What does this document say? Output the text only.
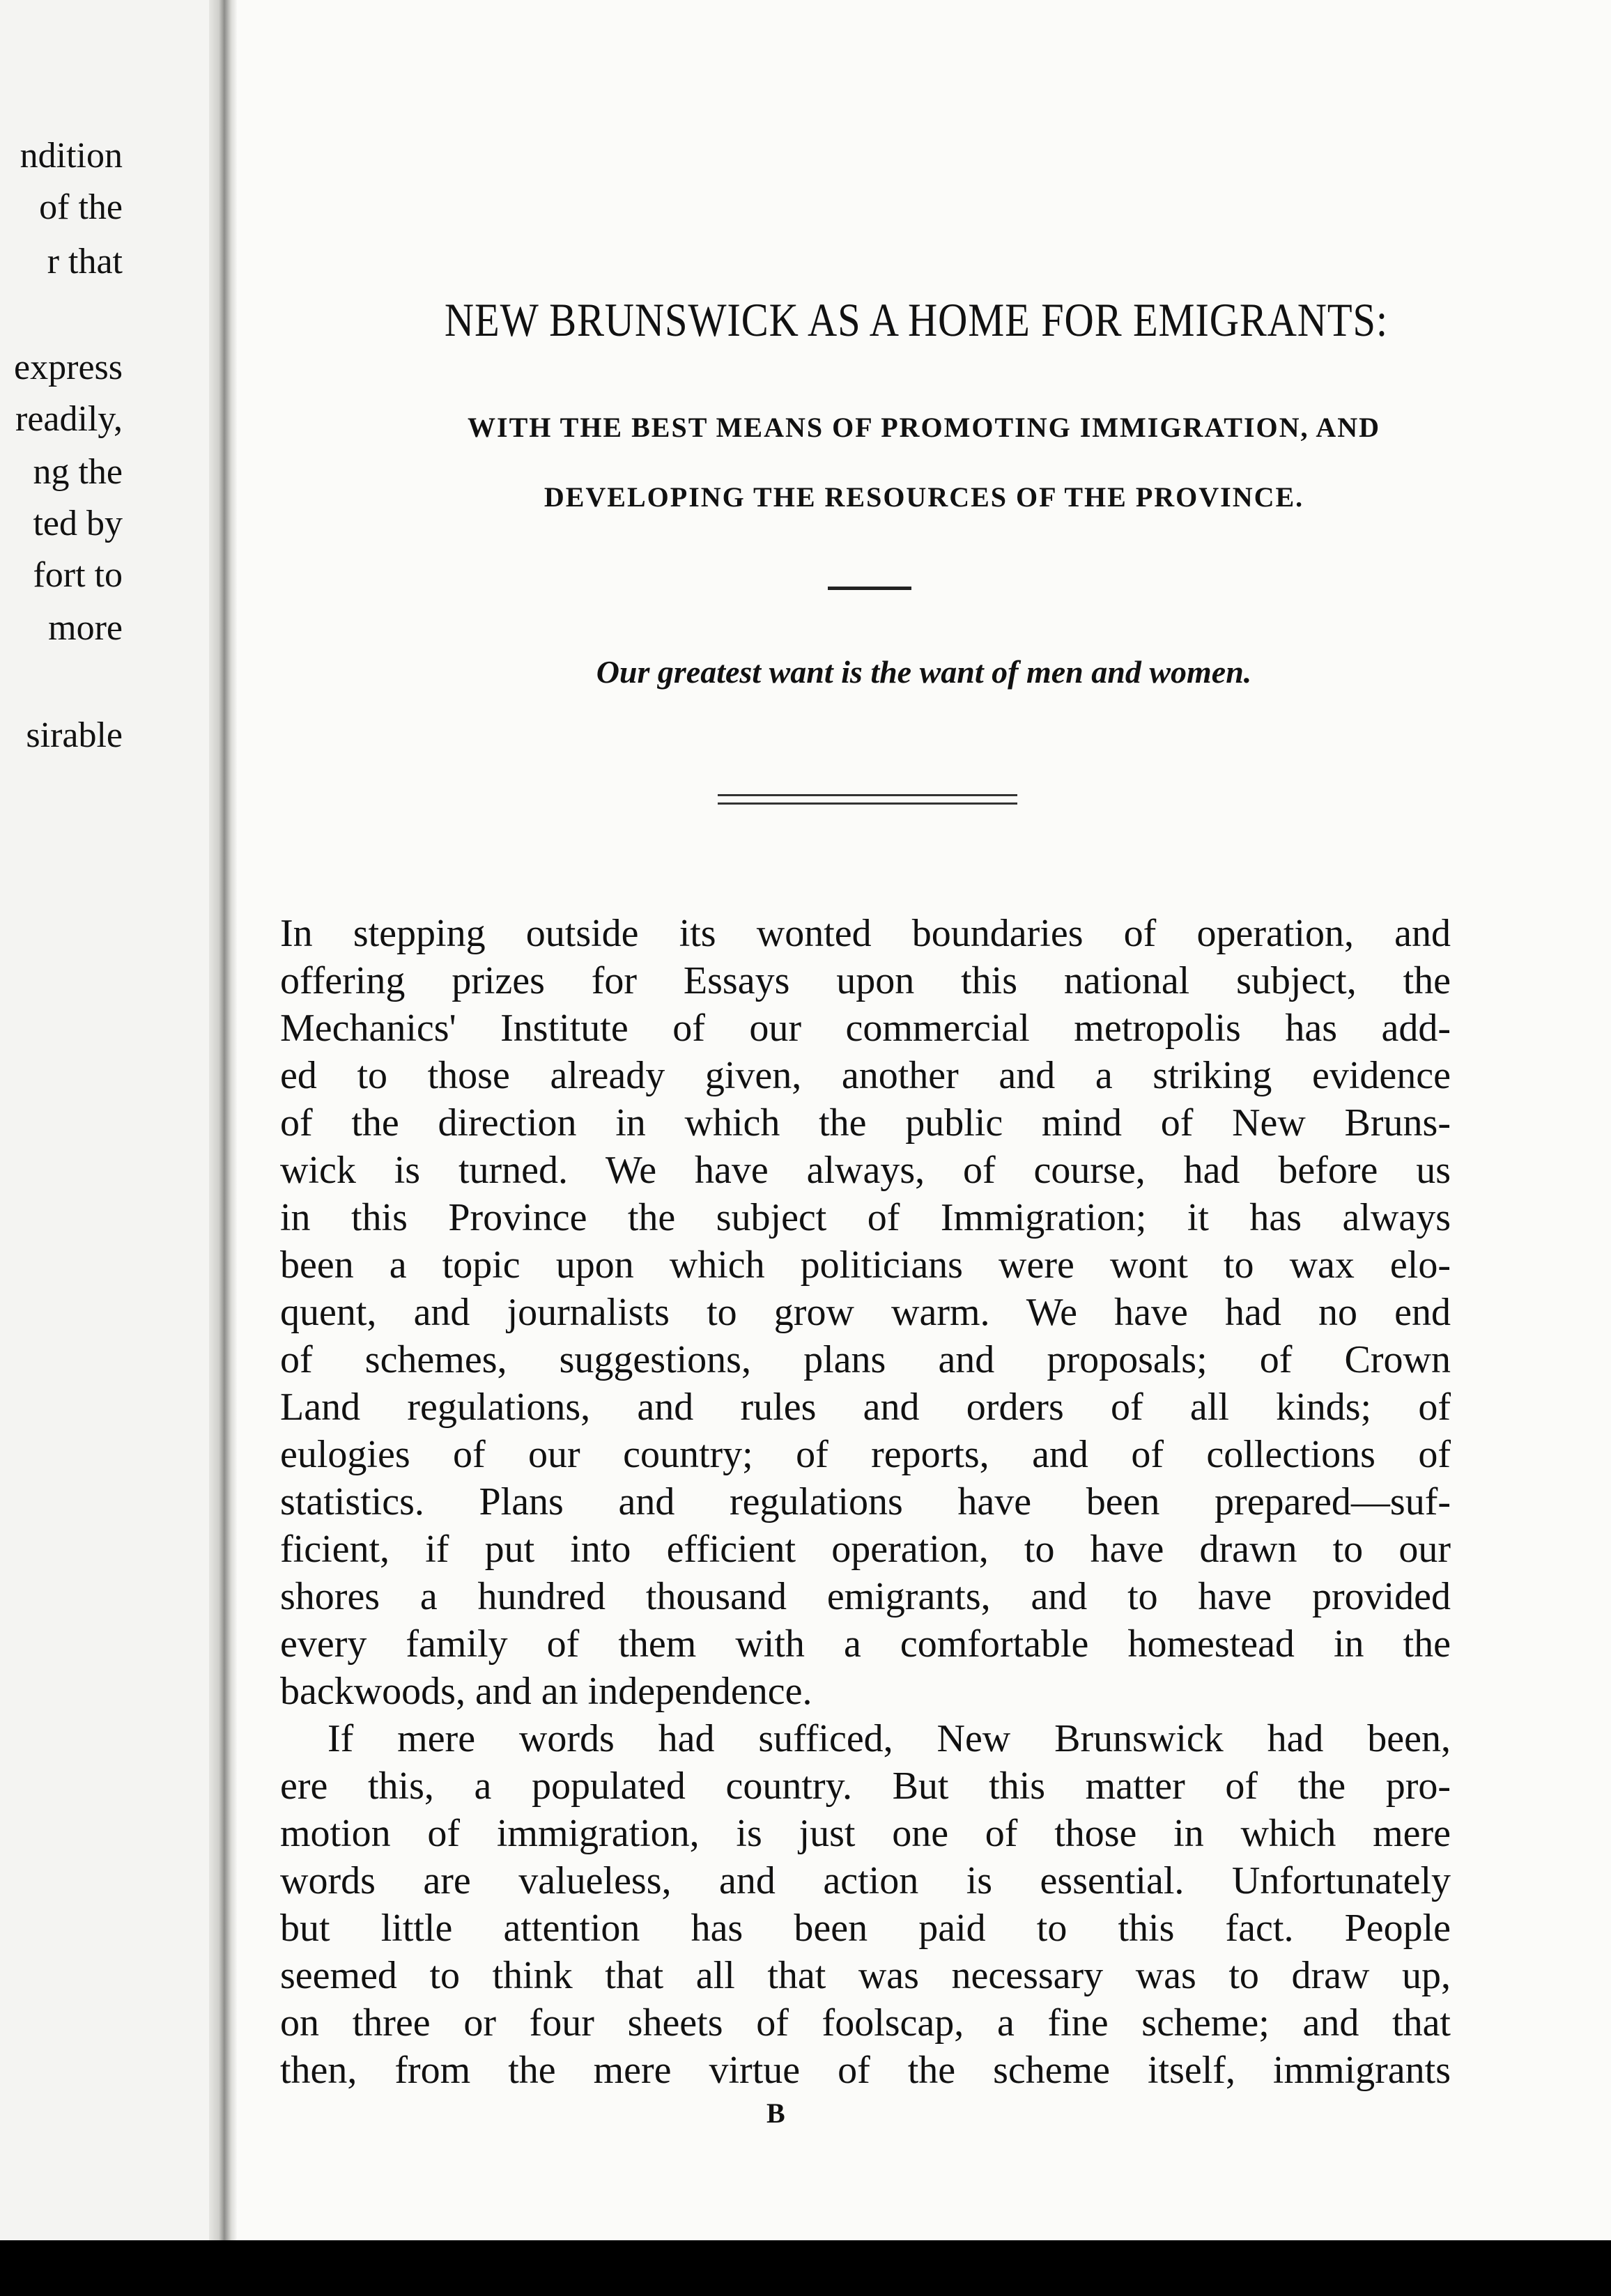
ndition
of the
r that
express
readily,
ng the
ted by
fort to
more
sirable
NEW BRUNSWICK AS A HOME FOR EMIGRANTS:
WITH THE BEST MEANS OF PROMOTING IMMIGRATION, AND
DEVELOPING THE RESOURCES OF THE PROVINCE.
Our greatest want is the want of men and women.

In stepping outside its wonted boundaries of operation, and
offering prizes for Essays upon this national subject, the
Mechanics' Institute of our commercial metropolis has add-
ed to those already given, another and a striking evidence
of the direction in which the public mind of New Bruns-
wick is turned. We have always, of course, had before us
in this Province the subject of Immigration; it has always
been a topic upon which politicians were wont to wax elo-
quent, and journalists to grow warm. We have had no end
of schemes, suggestions, plans and proposals; of Crown
Land regulations, and rules and orders of all kinds; of
eulogies of our country; of reports, and of collections of
statistics. Plans and regulations have been prepared—suf-
ficient, if put into efficient operation, to have drawn to our
shores a hundred thousand emigrants, and to have provided
every family of them with a comfortable homestead in the
backwoods, and an independence.

If mere words had sufficed, New Brunswick had been,
ere this, a populated country. But this matter of the pro-
motion of immigration, is just one of those in which mere
words are valueless, and action is essential. Unfortunately
but little attention has been paid to this fact. People
seemed to think that all that was necessary was to draw up,
on three or four sheets of foolscap, a fine scheme; and that
then, from the mere virtue of the scheme itself, immigrants

B
